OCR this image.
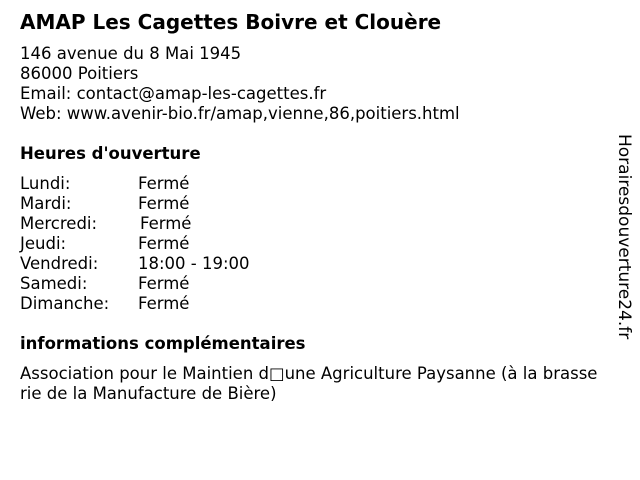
AMAP Les Cagettes Boivre et Clouère
146 avenue du 8 Mai 1945
86000 Poitiers
Email: contact@amap-les-cagettes.fr
Web: www.avenir-bio.fr/amap,vienne,86,poitiers.html
Heures d'ouverture
Lundi:	Fermé
Mardi:	Fermé
Mercredi:	Fermé
Jeudi:	Fermé
Vendredi: 18:00 - 19:00
Samedi:	Fermé
Dimanche: Fermé
informations complémentaires
Association pour le Maintien d□une Agriculture Paysanne (à la brasse
rie de la Manufacture de Bière)
Horairesdouverture24.fr
